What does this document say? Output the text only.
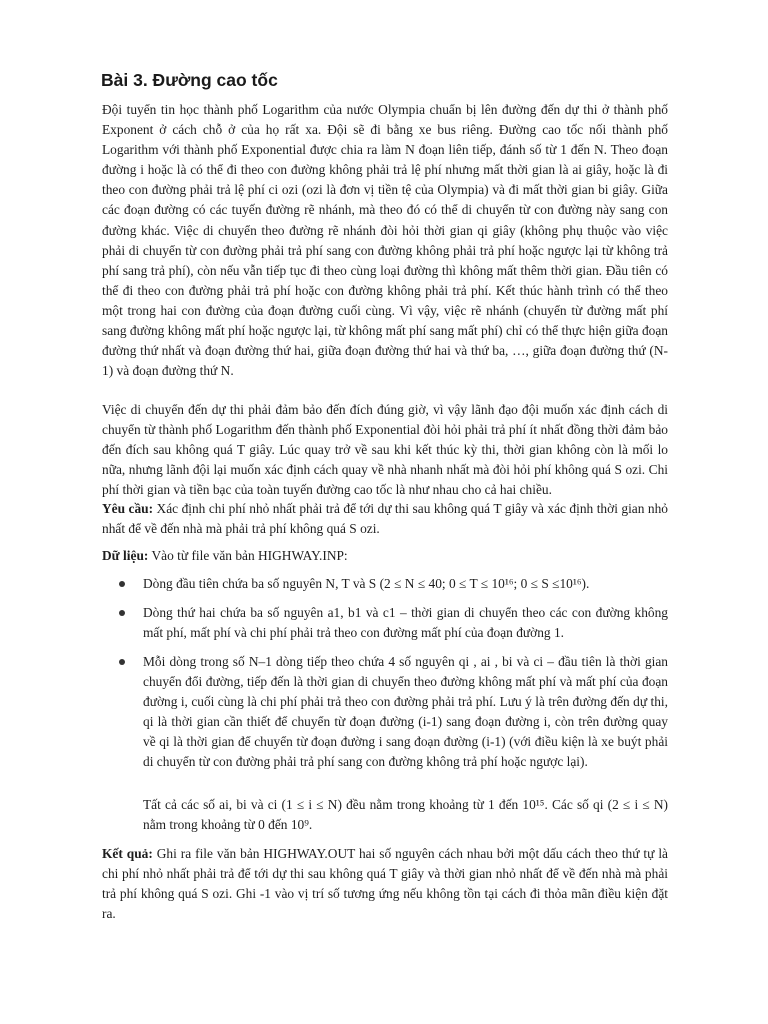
Bài 3. Đường cao tốc

Đội tuyển tin học thành phố Logarithm của nước Olympia chuẩn bị lên đường đến dự thi ở thành phố Exponent ở cách chỗ ở của họ rất xa. Đội sẽ đi bằng xe bus riêng. Đường cao tốc nối thành phố Logarithm với thành phố Exponential được chia ra làm N đoạn liên tiếp, đánh số từ 1 đến N. Theo đoạn đường i hoặc là có thể đi theo con đường không phải trả lệ phí nhưng mất thời gian là ai giây, hoặc là đi theo con đường phải trả lệ phí ci ozi (ozi là đơn vị tiền tệ của Olympia) và đi mất thời gian bi giây. Giữa các đoạn đường có các tuyến đường rẽ nhánh, mà theo đó có thể di chuyển từ con đường này sang con đường khác. Việc di chuyển theo đường rẽ nhánh đòi hỏi thời gian qi giây (không phụ thuộc vào việc phải di chuyển từ con đường phải trả phí sang con đường không phải trả phí hoặc ngược lại từ không trả phí sang trả phí), còn nếu vẫn tiếp tục đi theo cùng loại đường thì không mất thêm thời gian. Đầu tiên có thể đi theo con đường phải trả phí hoặc con đường không phải trả phí. Kết thúc hành trình có thể theo một trong hai con đường của đoạn đường cuối cùng. Vì vậy, việc rẽ nhánh (chuyển từ đường mất phí sang đường không mất phí hoặc ngược lại, từ không mất phí sang mất phí) chỉ có thể thực hiện giữa đoạn đường thứ nhất và đoạn đường thứ hai, giữa đoạn đường thứ hai và thứ ba, …, giữa đoạn đường thứ (N-1) và đoạn đường thứ N.

Việc di chuyển đến dự thi phải đảm bảo đến đích đúng giờ, vì vậy lãnh đạo đội muốn xác định cách di chuyển từ thành phố Logarithm đến thành phố Exponential đòi hỏi phải trả phí ít nhất đồng thời đảm bảo đến đích sau không quá T giây. Lúc quay trở về sau khi kết thúc kỳ thi, thời gian không còn là mối lo nữa, nhưng lãnh đội lại muốn xác định cách quay về nhà nhanh nhất mà đòi hỏi phí không quá S ozi. Chi phí thời gian và tiền bạc của toàn tuyến đường cao tốc là như nhau cho cả hai chiều.

Yêu cầu: Xác định chi phí nhỏ nhất phải trả để tới dự thi sau không quá T giây và xác định thời gian nhỏ nhất để về đến nhà mà phải trả phí không quá S ozi.

Dữ liệu: Vào từ file văn bản HIGHWAY.INP:

Dòng đầu tiên chứa ba số nguyên N, T và S (2 ≤ N ≤ 40; 0 ≤ T ≤ 10¹⁶; 0 ≤ S ≤10¹⁶).

Dòng thứ hai chứa ba số nguyên a1, b1 và c1 – thời gian di chuyển theo các con đường không mất phí, mất phí và chi phí phải trả theo con đường mất phí của đoạn đường 1.

Mỗi dòng trong số N–1 dòng tiếp theo chứa 4 số nguyên qi , ai , bi và ci – đầu tiên là thời gian chuyển đổi đường, tiếp đến là thời gian di chuyển theo đường không mất phí và mất phí của đoạn đường i, cuối cùng là chi phí phải trả theo con đường phải trả phí. Lưu ý là trên đường đến dự thi, qi là thời gian cần thiết để chuyển từ đoạn đường (i-1) sang đoạn đường i, còn trên đường quay về qi là thời gian để chuyển từ đoạn đường i sang đoạn đường (i-1) (với điều kiện là xe buýt phải di chuyển từ con đường phải trả phí sang con đường không trả phí hoặc ngược lại).

Tất cả các số ai, bi và ci (1 ≤ i ≤ N) đều nằm trong khoảng từ 1 đến 10¹⁵. Các số qi (2 ≤ i ≤ N) nằm trong khoảng từ 0 đến 10⁹.

Kết quả: Ghi ra file văn bản HIGHWAY.OUT hai số nguyên cách nhau bởi một dấu cách theo thứ tự là chi phí nhỏ nhất phải trả để tới dự thi sau không quá T giây và thời gian nhỏ nhất để về đến nhà mà phải trả phí không quá S ozi. Ghi -1 vào vị trí số tương ứng nếu không tồn tại cách đi thỏa mãn điều kiện đặt ra.
